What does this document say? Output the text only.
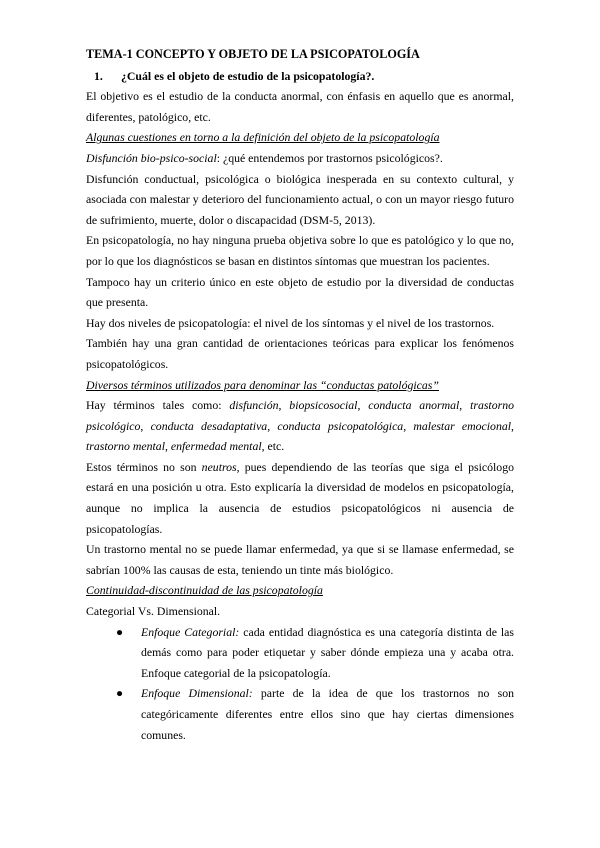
TEMA-1 CONCEPTO Y OBJETO DE LA PSICOPATOLOGÍA

1. ¿Cuál es el objeto de estudio de la psicopatología?.

El objetivo es el estudio de la conducta anormal, con énfasis en aquello que es anormal, diferentes, patológico, etc.

Algunas cuestiones en torno a la definición del objeto de la psicopatología

Disfunción bio-psico-social: ¿qué entendemos por trastornos psicológicos?.

Disfunción conductual, psicológica o biológica inesperada en su contexto cultural, y asociada con malestar y deterioro del funcionamiento actual, o con un mayor riesgo futuro de sufrimiento, muerte, dolor o discapacidad (DSM-5, 2013).

En psicopatología, no hay ninguna prueba objetiva sobre lo que es patológico y lo que no, por lo que los diagnósticos se basan en distintos síntomas que muestran los pacientes.

Tampoco hay un criterio único en este objeto de estudio por la diversidad de conductas que presenta.

Hay dos niveles de psicopatología: el nivel de los síntomas y el nivel de los trastornos.

También hay una gran cantidad de orientaciones teóricas para explicar los fenómenos psicopatológicos.

Diversos términos utilizados para denominar las “conductas patológicas”

Hay términos tales como: disfunción, biopsicosocial, conducta anormal, trastorno psicológico, conducta desadaptativa, conducta psicopatológica, malestar emocional, trastorno mental, enfermedad mental, etc.

Estos términos no son neutros, pues dependiendo de las teorías que siga el psicólogo estará en una posición u otra. Esto explicaría la diversidad de modelos en psicopatología, aunque no implica la ausencia de estudios psicopatológicos ni ausencia de psicopatologías.

Un trastorno mental no se puede llamar enfermedad, ya que si se llamase enfermedad, se sabrían 100% las causas de esta, teniendo un tinte más biológico.

Continuidad-discontinuidad de las psicopatología

Categorial Vs. Dimensional.

● Enfoque Categorial: cada entidad diagnóstica es una categoría distinta de las demás como para poder etiquetar y saber dónde empieza una y acaba otra. Enfoque categorial de la psicopatología.
● Enfoque Dimensional: parte de la idea de que los trastornos no son categóricamente diferentes entre ellos sino que hay ciertas dimensiones comunes.
